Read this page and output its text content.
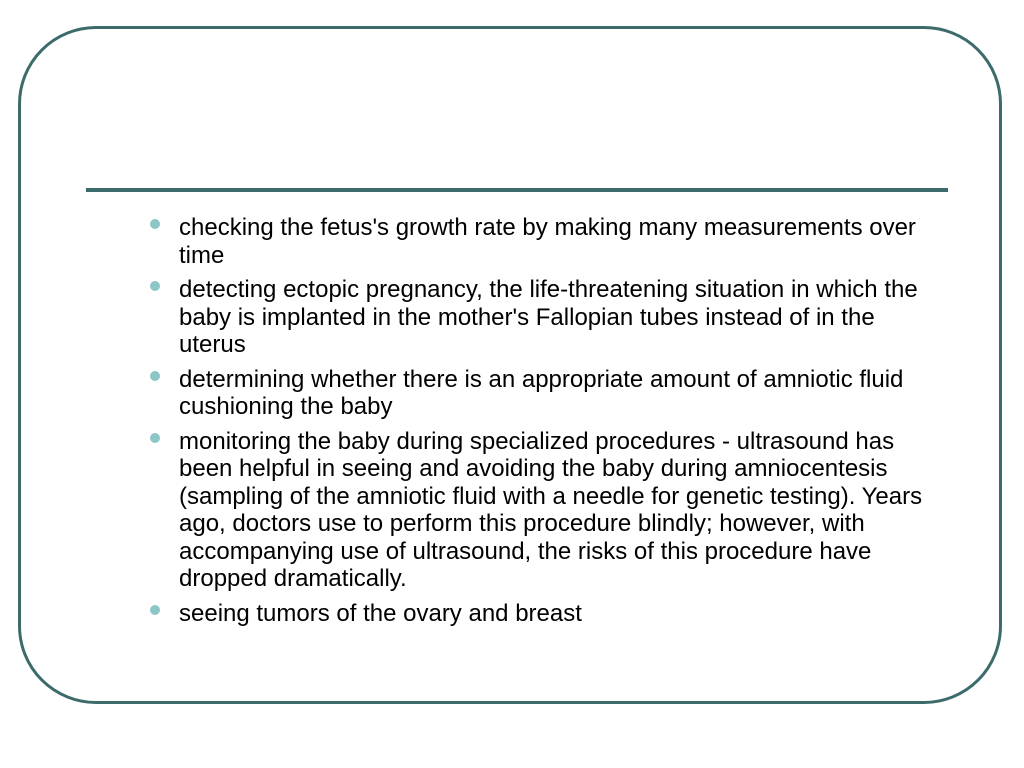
checking the fetus's growth rate by making many measurements over time
detecting ectopic pregnancy, the life-threatening situation in which the baby is implanted in the mother's Fallopian tubes instead of in the uterus
determining whether there is an appropriate amount of amniotic fluid cushioning the baby
monitoring the baby during specialized procedures - ultrasound has been helpful in seeing and avoiding the baby during amniocentesis (sampling of the amniotic fluid with a needle for genetic testing). Years ago, doctors use to perform this procedure blindly; however, with accompanying use of ultrasound, the risks of this procedure have dropped dramatically.
seeing tumors of the ovary and breast
